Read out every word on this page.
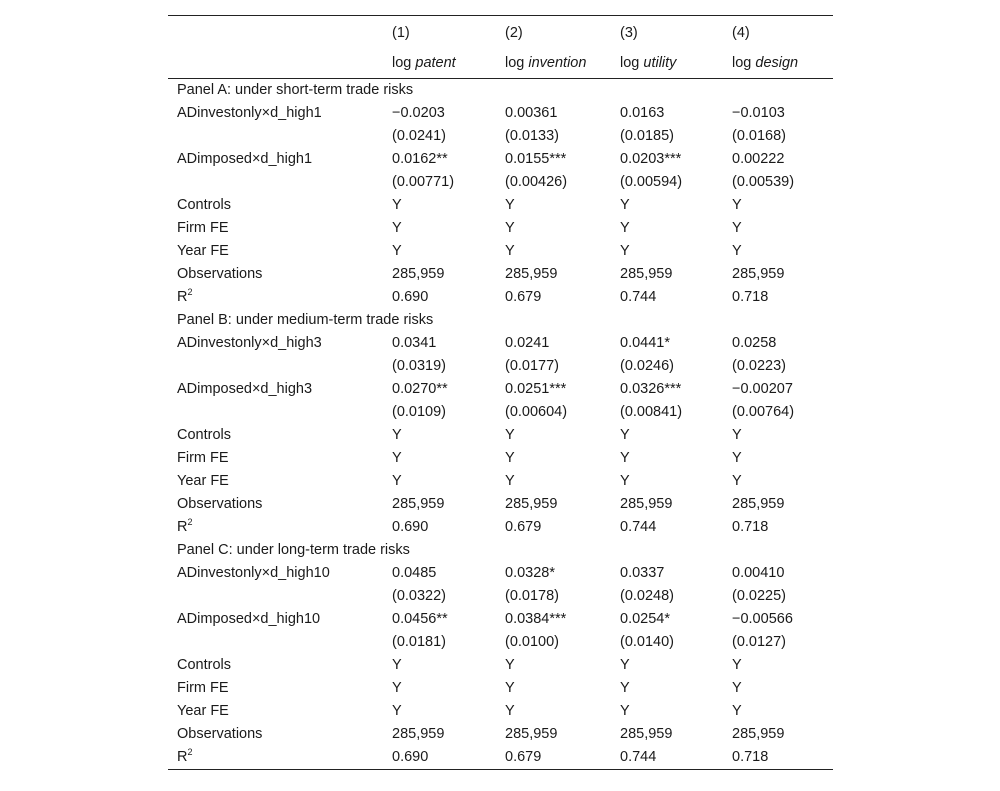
	(1)	(2)	(3)	(4)
	log patent	log invention	log utility	log design
Panel A: under short-term trade risks				
ADinvestonly×d_high1	−0.0203	0.00361	0.0163	−0.0103
	(0.0241)	(0.0133)	(0.0185)	(0.0168)
ADimposed×d_high1	0.0162**	0.0155***	0.0203***	0.00222
	(0.00771)	(0.00426)	(0.00594)	(0.00539)
Controls	Y	Y	Y	Y
Firm FE	Y	Y	Y	Y
Year FE	Y	Y	Y	Y
Observations	285,959	285,959	285,959	285,959
$R^2$	0.690	0.679	0.744	0.718
Panel B: under medium-term trade risks				
ADinvestonly×d_high3	0.0341	0.0241	0.0441*	0.0258
	(0.0319)	(0.0177)	(0.0246)	(0.0223)
ADimposed×d_high3	0.0270**	0.0251***	0.0326***	−0.00207
	(0.0109)	(0.00604)	(0.00841)	(0.00764)
Controls	Y	Y	Y	Y
Firm FE	Y	Y	Y	Y
Year FE	Y	Y	Y	Y
Observations	285,959	285,959	285,959	285,959
$R^2$	0.690	0.679	0.744	0.718
Panel C: under long-term trade risks				
ADinvestonly×d_high10	0.0485	0.0328*	0.0337	0.00410
	(0.0322)	(0.0178)	(0.0248)	(0.0225)
ADimposed×d_high10	0.0456**	0.0384***	0.0254*	−0.00566
	(0.0181)	(0.0100)	(0.0140)	(0.0127)
Controls	Y	Y	Y	Y
Firm FE	Y	Y	Y	Y
Year FE	Y	Y	Y	Y
Observations	285,959	285,959	285,959	285,959
$R^2$	0.690	0.679	0.744	0.718
